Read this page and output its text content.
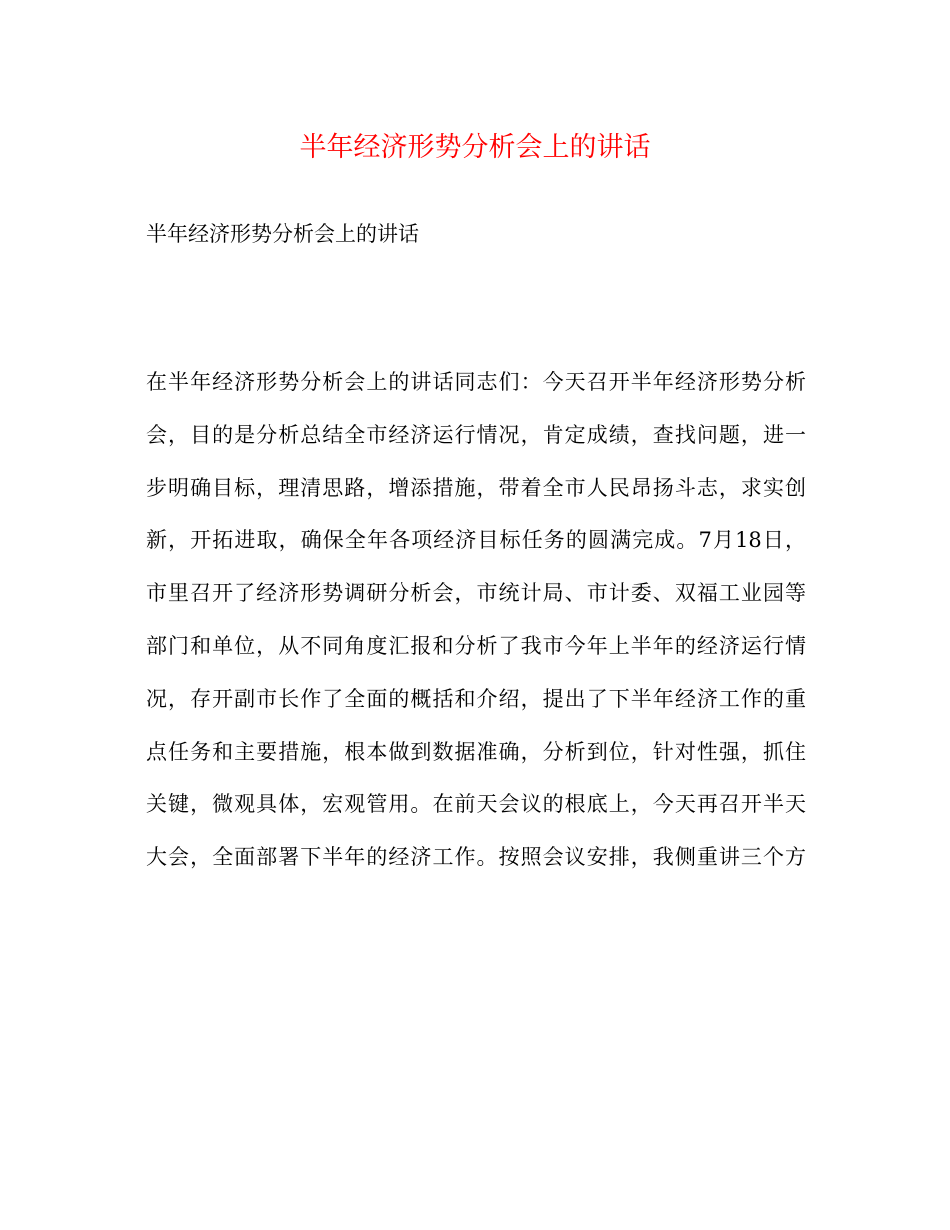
半年经济形势分析会上的讲话

半年经济形势分析会上的讲话

在半年经济形势分析会上的讲话同志们：今天召开半年经济形势分析
会，目的是分析总结全市经济运行情况，肯定成绩，查找问题，进一
步明确目标，理清思路，增添措施，带着全市人民昂扬斗志，求实创
新，开拓进取，确保全年各项经济目标任务的圆满完成。7月18日，
市里召开了经济形势调研分析会，市统计局、市计委、双福工业园等
部门和单位，从不同角度汇报和分析了我市今年上半年的经济运行情
况，存开副市长作了全面的概括和介绍，提出了下半年经济工作的重
点任务和主要措施，根本做到数据准确，分析到位，针对性强，抓住
关键，微观具体，宏观管用。在前天会议的根底上，今天再召开半天
大会，全面部署下半年的经济工作。按照会议安排，我侧重讲三个方
